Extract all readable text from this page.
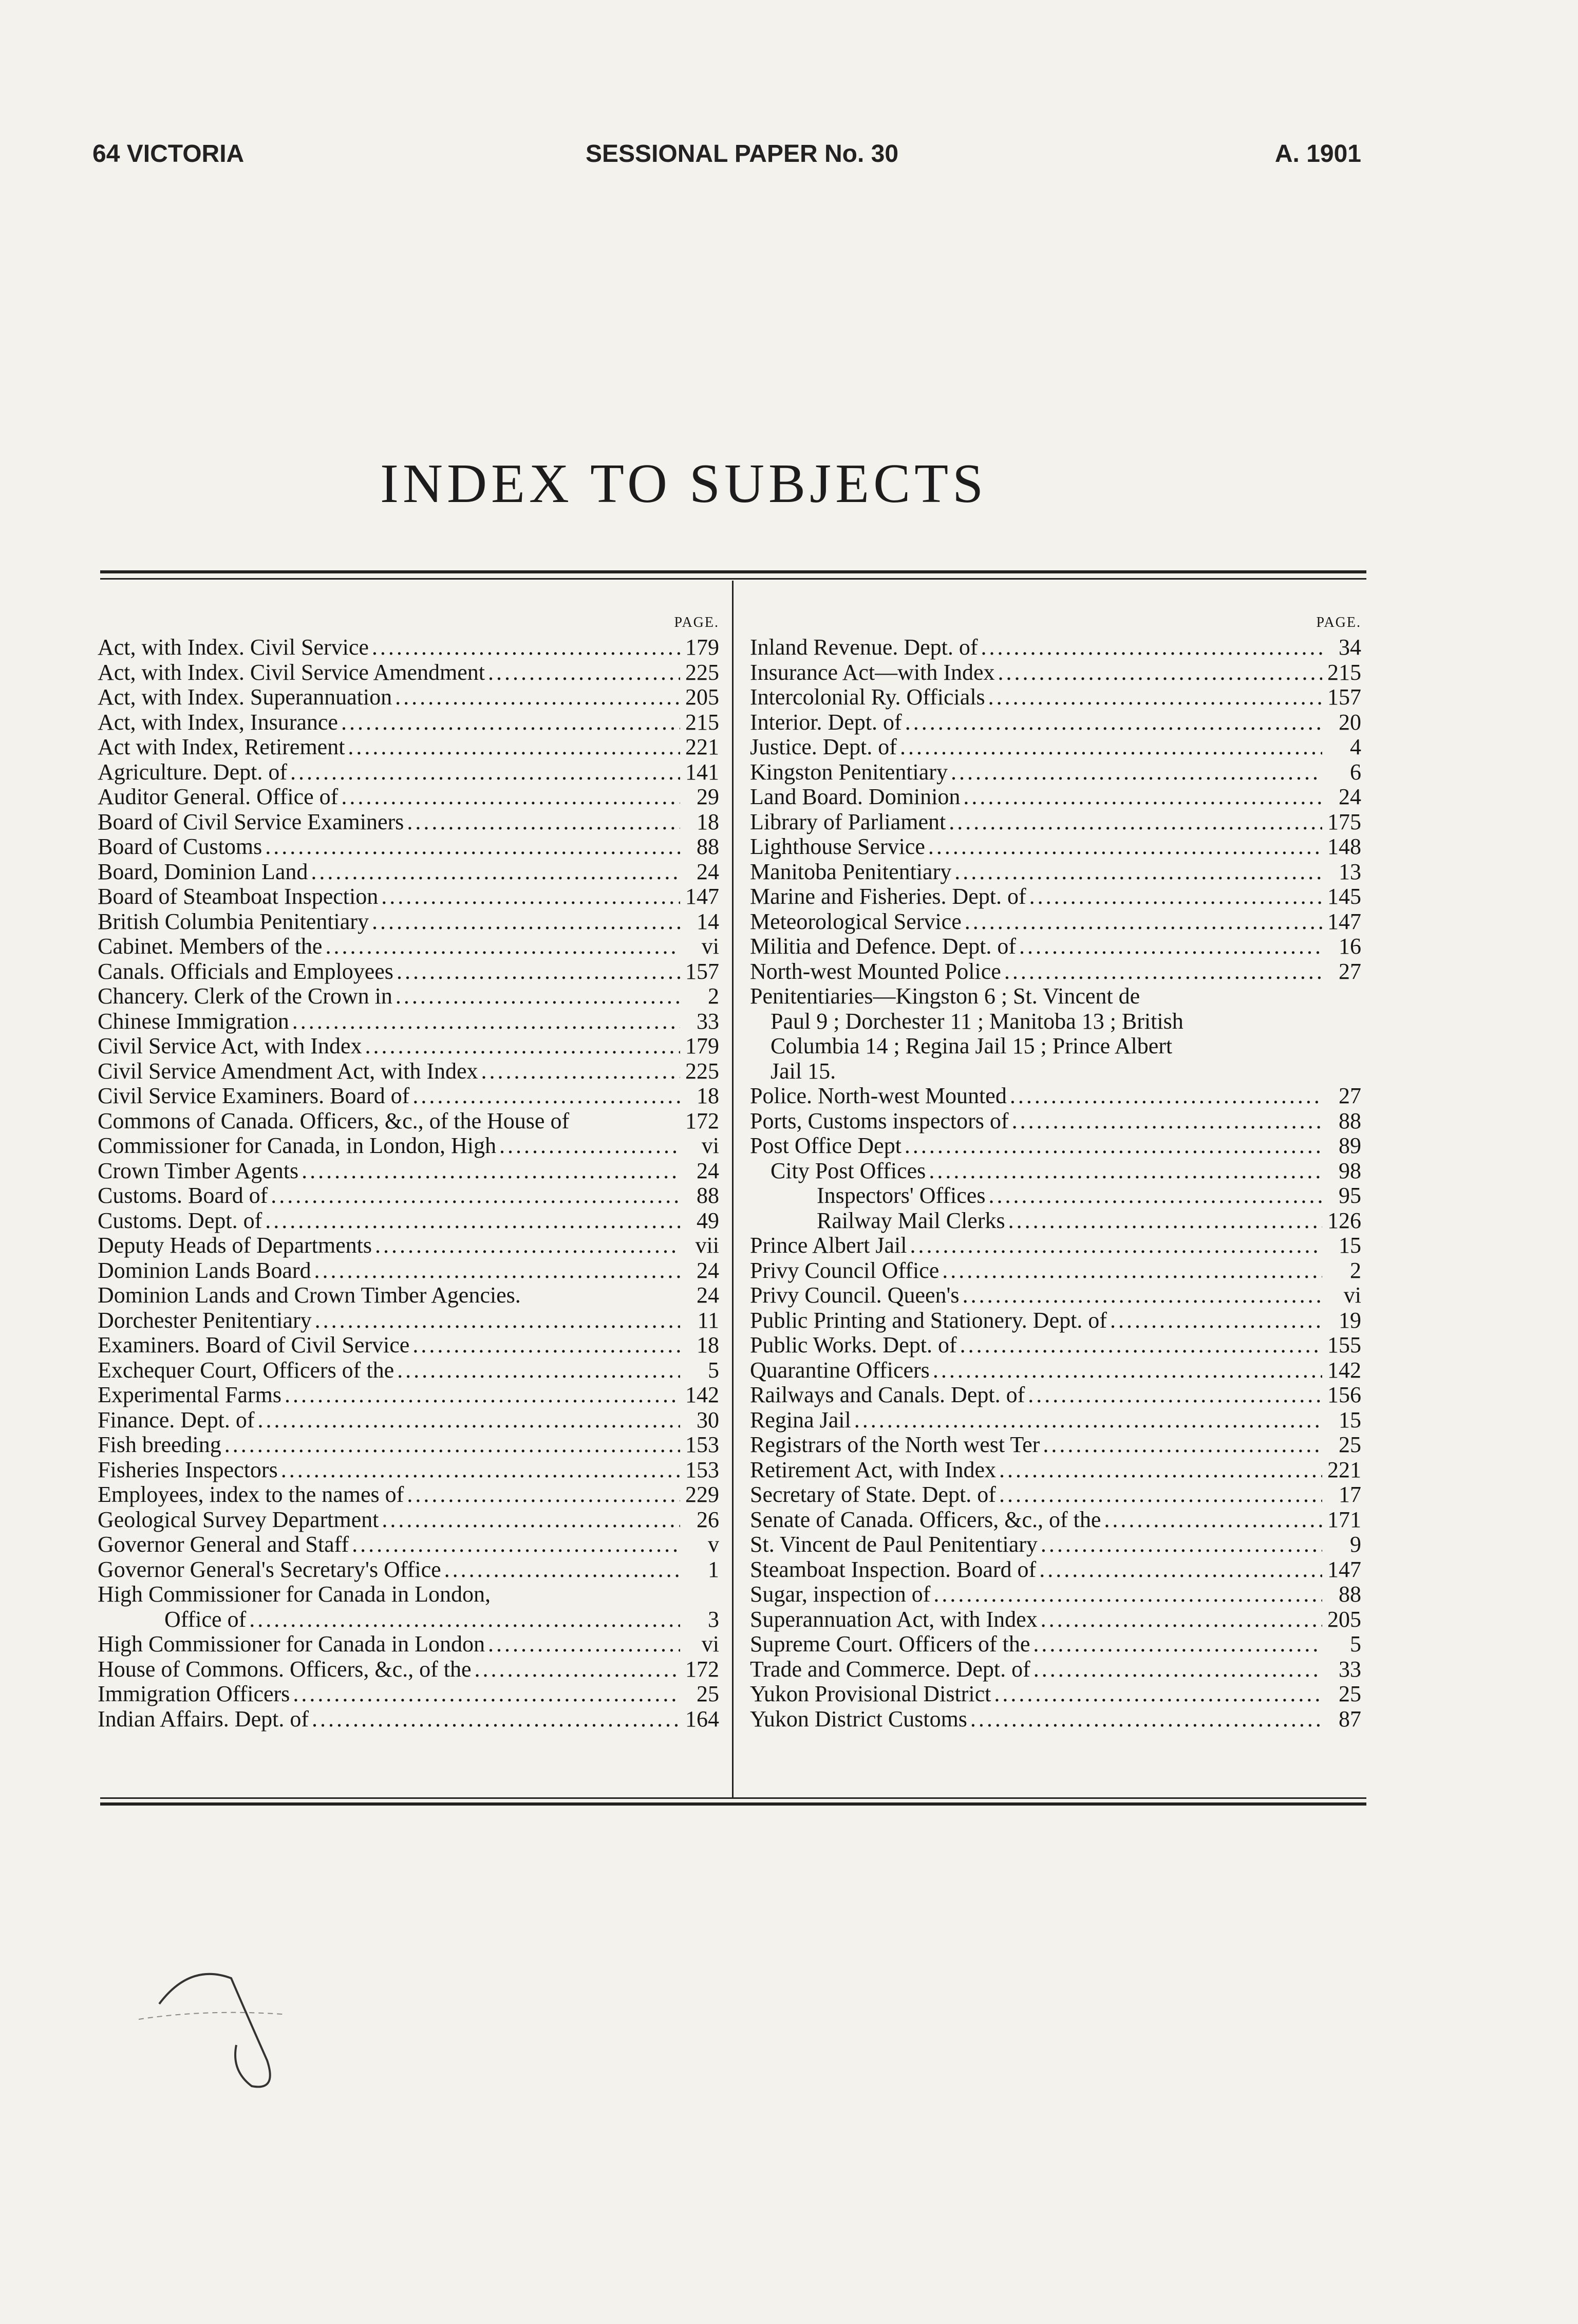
64 VICTORIA	SESSIONAL PAPER No. 30	A. 1901
INDEX TO SUBJECTS
PAGE.
Act, with Index. Civil Service . . .	179
Act, with Index. Civil Service Amendment . . .	225
Act, with Index. Superannuation . . .	205
Act, with Index, Insurance . . .	215
Act with Index, Retirement . . .	221
Agriculture. Dept. of . . .	141
Auditor General. Office of . . .	29
Board of Civil Service Examiners . . .	18
Board of Customs . . .	88
Board, Dominion Land . . .	24
Board of Steamboat Inspection . . .	147
British Columbia Penitentiary . . .	14
Cabinet. Members of the . . .	vi
Canals. Officials and Employees . . .	157
Chancery. Clerk of the Crown in . . .	2
Chinese Immigration . . .	33
Civil Service Act, with Index . . .	179
Civil Service Amendment Act, with Index . . .	225
Civil Service Examiners. Board of . . .	18
Commons of Canada. Officers, &c., of the House of	172
Commissioner for Canada, in London, High . . .	vi
Crown Timber Agents . . .	24
Customs. Board of . . .	88
Customs. Dept. of . . .	49
Deputy Heads of Departments . . .	vii
Dominion Lands Board . . .	24
Dominion Lands and Crown Timber Agencies.	24
Dorchester Penitentiary . . .	11
Examiners. Board of Civil Service . . .	18
Exchequer Court, Officers of the . . .	5
Experimental Farms . . .	142
Finance. Dept. of . . .	30
Fish breeding . . .	153
Fisheries Inspectors . . .	153
Employees, index to the names of . . .	229
Geological Survey Department . . .	26
Governor General and Staff . . .	v
Governor General's Secretary's Office . . .	1
High Commissioner for Canada in London,
Office of . . .	3
High Commissioner for Canada in London . . .	vi
House of Commons. Officers, &c., of the . . .	172
Immigration Officers . . .	25
Indian Affairs. Dept. of . . .	164
PAGE.
Inland Revenue. Dept. of . . .	34
Insurance Act—with Index . . .	215
Intercolonial Ry. Officials . . .	157
Interior. Dept. of . . .	20
Justice. Dept. of . . .	4
Kingston Penitentiary . . .	6
Land Board. Dominion . . .	24
Library of Parliament . . .	175
Lighthouse Service . . .	148
Manitoba Penitentiary . . .	13
Marine and Fisheries. Dept. of . . .	145
Meteorological Service . . .	147
Militia and Defence. Dept. of . . .	16
North-west Mounted Police . . .	27
Penitentiaries—Kingston 6 ; St. Vincent de
Paul 9 ; Dorchester 11 ; Manitoba 13 ; British
Columbia 14 ; Regina Jail 15 ; Prince Albert
Jail 15.
Police. North-west Mounted . . .	27
Ports, Customs inspectors of . . .	88
Post Office Dept . . .	89
City Post Offices . . .	98
Inspectors' Offices . . .	95
Railway Mail Clerks . . .	126
Prince Albert Jail . . .	15
Privy Council Office . . .	2
Privy Council. Queen's . . .	vi
Public Printing and Stationery. Dept. of . . .	19
Public Works. Dept. of . . .	155
Quarantine Officers . . .	142
Railways and Canals. Dept. of . . .	156
Regina Jail . . .	15
Registrars of the North west Ter . . .	25
Retirement Act, with Index . . .	221
Secretary of State. Dept. of . . .	17
Senate of Canada. Officers, &c., of the . . .	171
St. Vincent de Paul Penitentiary . . .	9
Steamboat Inspection. Board of . . .	147
Sugar, inspection of . . .	88
Superannuation Act, with Index . . .	205
Supreme Court. Officers of the . . .	5
Trade and Commerce. Dept. of . . .	33
Yukon Provisional District . . .	25
Yukon District Customs . . .	87
